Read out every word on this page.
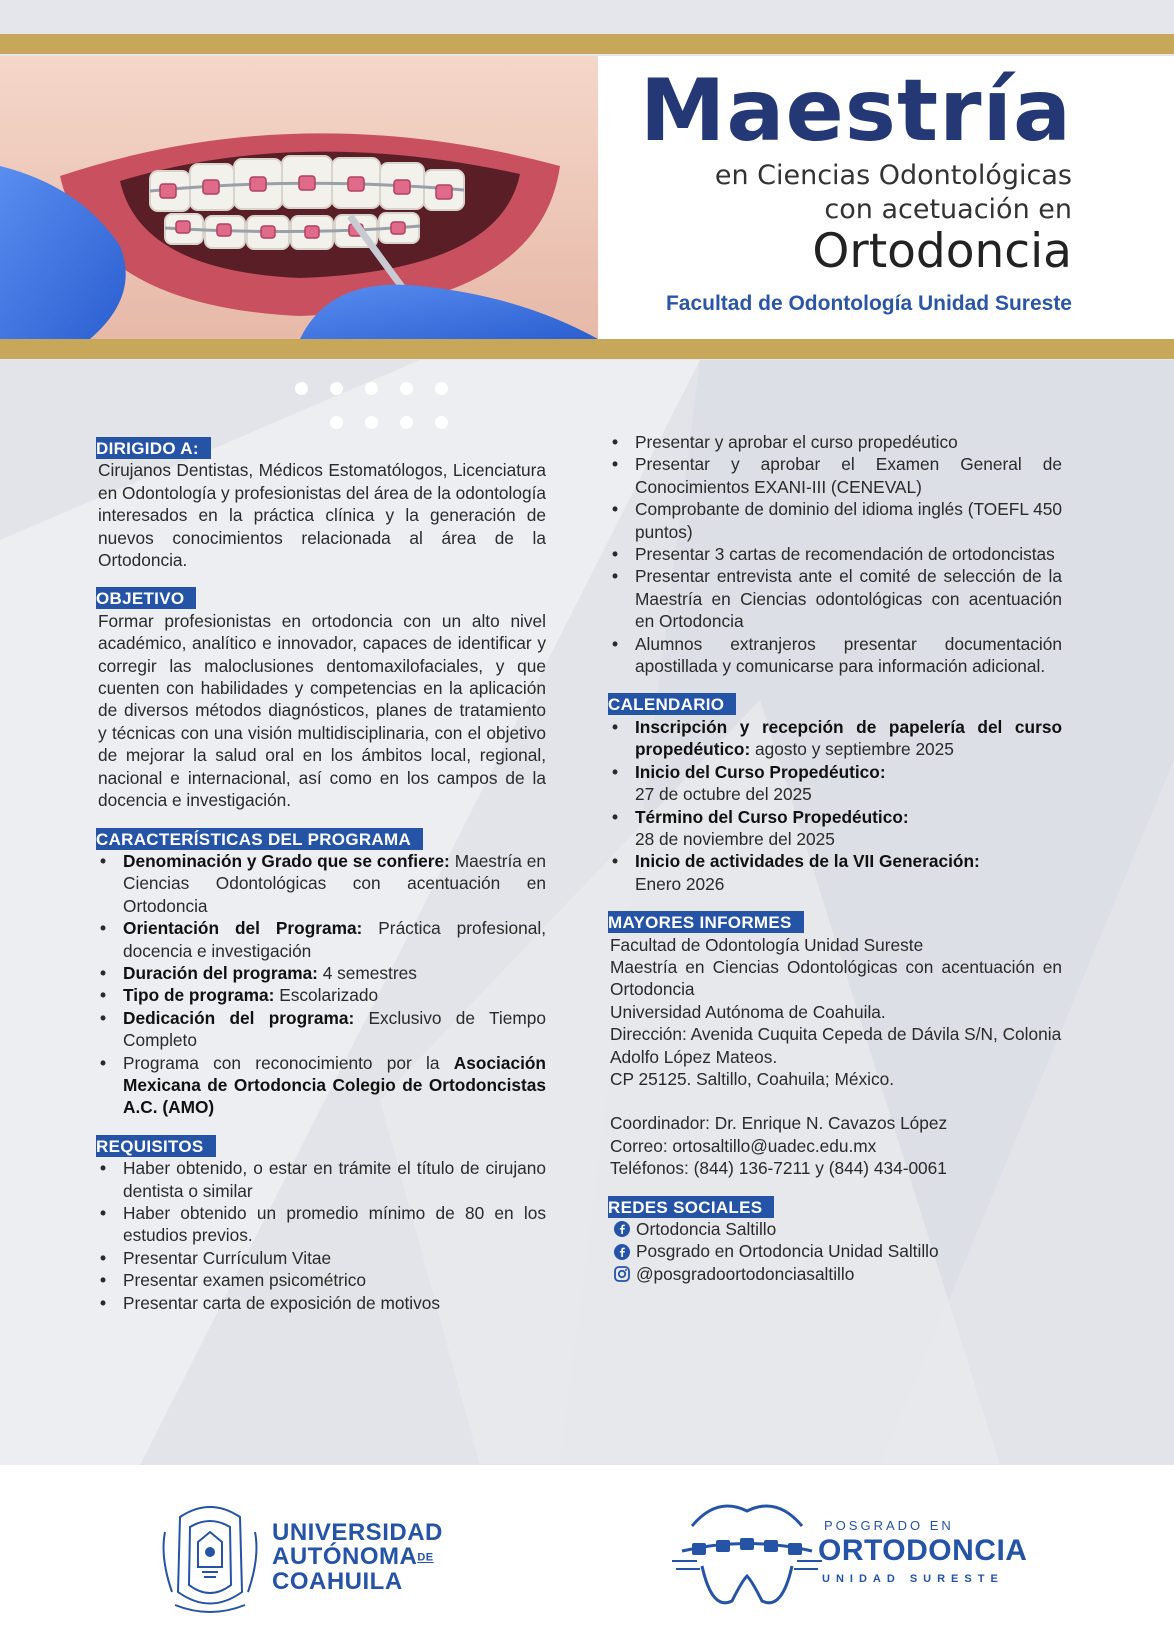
Maestría
en Ciencias Odontológicas
con acetuación en
Ortodoncia
Facultad de Odontología Unidad Sureste
DIRIGIDO A:
Cirujanos Dentistas, Médicos Estomatólogos, Licenciatura en Odontología y profesionistas del área de la odontología interesados en la práctica clínica y la generación de nuevos conocimientos relacionada al área de la Ortodoncia.
OBJETIVO
Formar profesionistas en ortodoncia con un alto nivel académico, analítico e innovador, capaces de identificar y corregir las maloclusiones dentomaxilofaciales, y que cuenten con habilidades y competencias en la aplicación de diversos métodos diagnósticos, planes de tratamiento y técnicas con una visión multidisciplinaria, con el objetivo de mejorar la salud oral en los ámbitos local, regional, nacional e internacional, así como en los campos de la docencia e investigación.
CARACTERÍSTICAS DEL PROGRAMA
• Denominación y Grado que se confiere: Maestría en Ciencias Odontológicas con acentuación en Ortodoncia
• Orientación del Programa: Práctica profesional, docencia e investigación
• Duración del programa: 4 semestres
• Tipo de programa: Escolarizado
• Dedicación del programa: Exclusivo de Tiempo Completo
• Programa con reconocimiento por la Asociación Mexicana de Ortodoncia Colegio de Ortodoncistas A.C. (AMO)
REQUISITOS
• Haber obtenido, o estar en trámite el título de cirujano dentista o similar
• Haber obtenido un promedio mínimo de 80 en los estudios previos.
• Presentar Currículum Vitae
• Presentar examen psicométrico
• Presentar carta de exposición de motivos
• Presentar y aprobar el curso propedéutico
• Presentar y aprobar el Examen General de Conocimientos EXANI-III (CENEVAL)
• Comprobante de dominio del idioma inglés (TOEFL 450 puntos)
• Presentar 3 cartas de recomendación de ortodoncistas
• Presentar entrevista ante el comité de selección de la Maestría en Ciencias odontológicas con acentuación en Ortodoncia
• Alumnos extranjeros presentar documentación apostillada y comunicarse para información adicional.
CALENDARIO
• Inscripción y recepción de papelería del curso propedéutico: agosto y septiembre 2025
• Inicio del Curso Propedéutico:
27 de octubre del 2025
• Término del Curso Propedéutico:
28 de noviembre del 2025
• Inicio de actividades de la VII Generación:
Enero 2026
MAYORES INFORMES
Facultad de Odontología Unidad Sureste
Maestría en Ciencias Odontológicas con acentuación en Ortodoncia
Universidad Autónoma de Coahuila.
Dirección: Avenida Cuquita Cepeda de Dávila S/N, Colonia Adolfo López Mateos.
CP 25125. Saltillo, Coahuila; México.
Coordinador: Dr. Enrique N. Cavazos López
Correo: ortosaltillo@uadec.edu.mx
Teléfonos: (844) 136-7211 y (844) 434-0061
REDES SOCIALES
Ortodoncia Saltillo
Posgrado en Ortodoncia Unidad Saltillo
@posgradoortodonciasaltillo
UNIVERSIDAD
AUTÓNOMADE
COAHUILA
POSGRADO EN
ORTODONCIA
UNIDAD SURESTE
